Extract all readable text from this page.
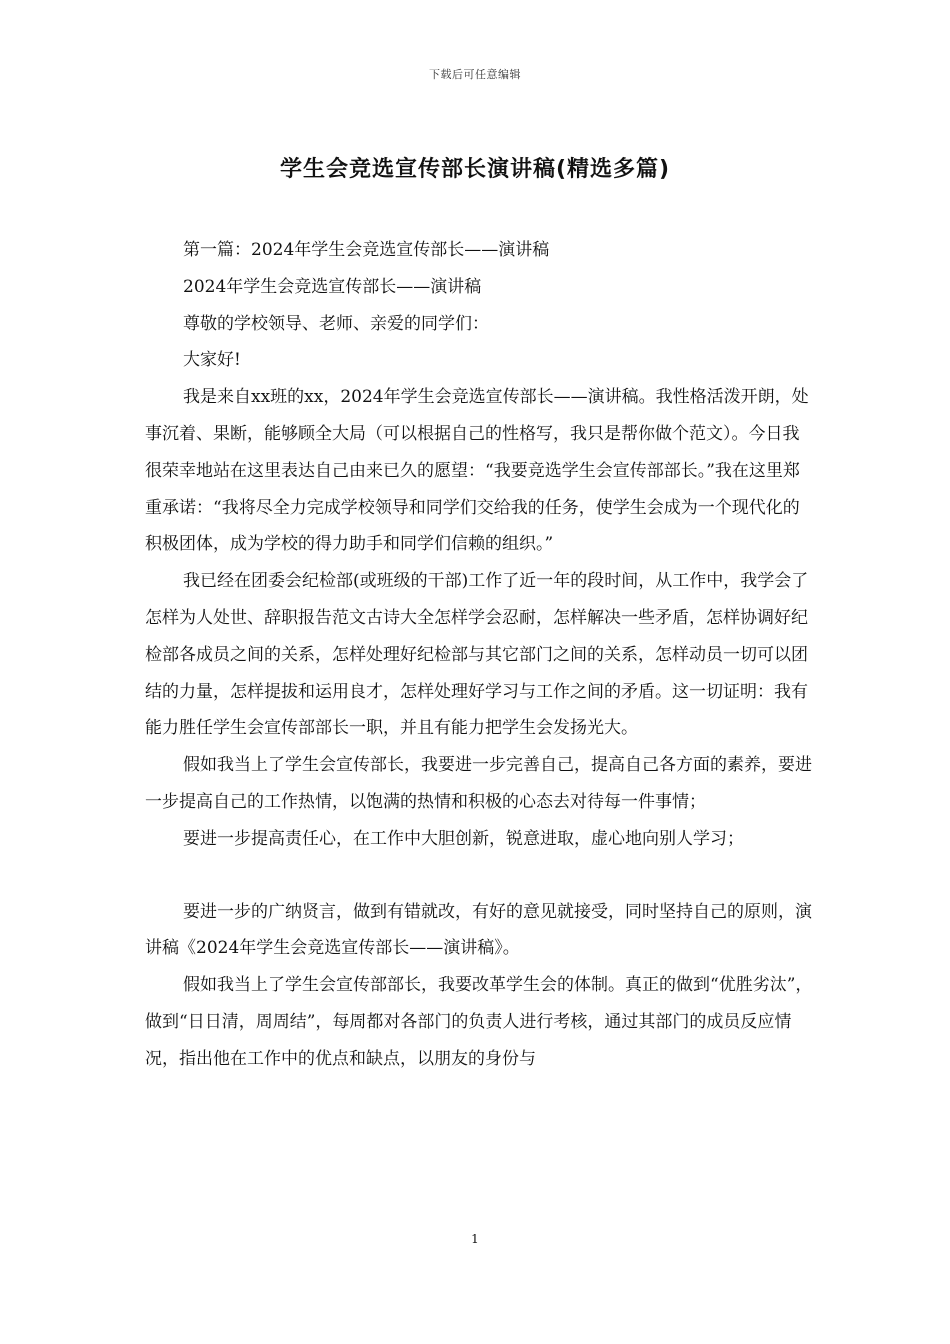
下载后可任意编辑
学生会竞选宣传部长演讲稿(精选多篇)

第一篇：2024年学生会竞选宣传部长——演讲稿

2024年学生会竞选宣传部长——演讲稿

尊敬的学校领导、老师、亲爱的同学们：

大家好!

我是来自xx班的xx，2024年学生会竞选宣传部长——演讲稿。我性格活泼开朗，处事沉着、果断，能够顾全大局（可以根据自己的性格写，我只是帮你做个范文）。今日我很荣幸地站在这里表达自己由来已久的愿望：“我要竞选学生会宣传部部长。”我在这里郑重承诺：“我将尽全力完成学校领导和同学们交给我的任务，使学生会成为一个现代化的积极团体，成为学校的得力助手和同学们信赖的组织。”

我已经在团委会纪检部(或班级的干部)工作了近一年的段时间，从工作中，我学会了怎样为人处世、辞职报告范文古诗大全怎样学会忍耐，怎样解决一些矛盾，怎样协调好纪检部各成员之间的关系，怎样处理好纪检部与其它部门之间的关系，怎样动员一切可以团结的力量，怎样提拔和运用良才，怎样处理好学习与工作之间的矛盾。这一切证明：我有能力胜任学生会宣传部部长一职，并且有能力把学生会发扬光大。

假如我当上了学生会宣传部长，我要进一步完善自己，提高自己各方面的素养，要进一步提高自己的工作热情，以饱满的热情和积极的心态去对待每一件事情；

要进一步提高责任心，在工作中大胆创新，锐意进取，虚心地向别人学习；

要进一步的广纳贤言，做到有错就改，有好的意见就接受，同时坚持自己的原则，演讲稿《2024年学生会竞选宣传部长——演讲稿》。

假如我当上了学生会宣传部部长，我要改革学生会的体制。真正的做到“优胜劣汰”，做到“日日清，周周结”，每周都对各部门的负责人进行考核，通过其部门的成员反应情况，指出他在工作中的优点和缺点，以朋友的身份与

1
